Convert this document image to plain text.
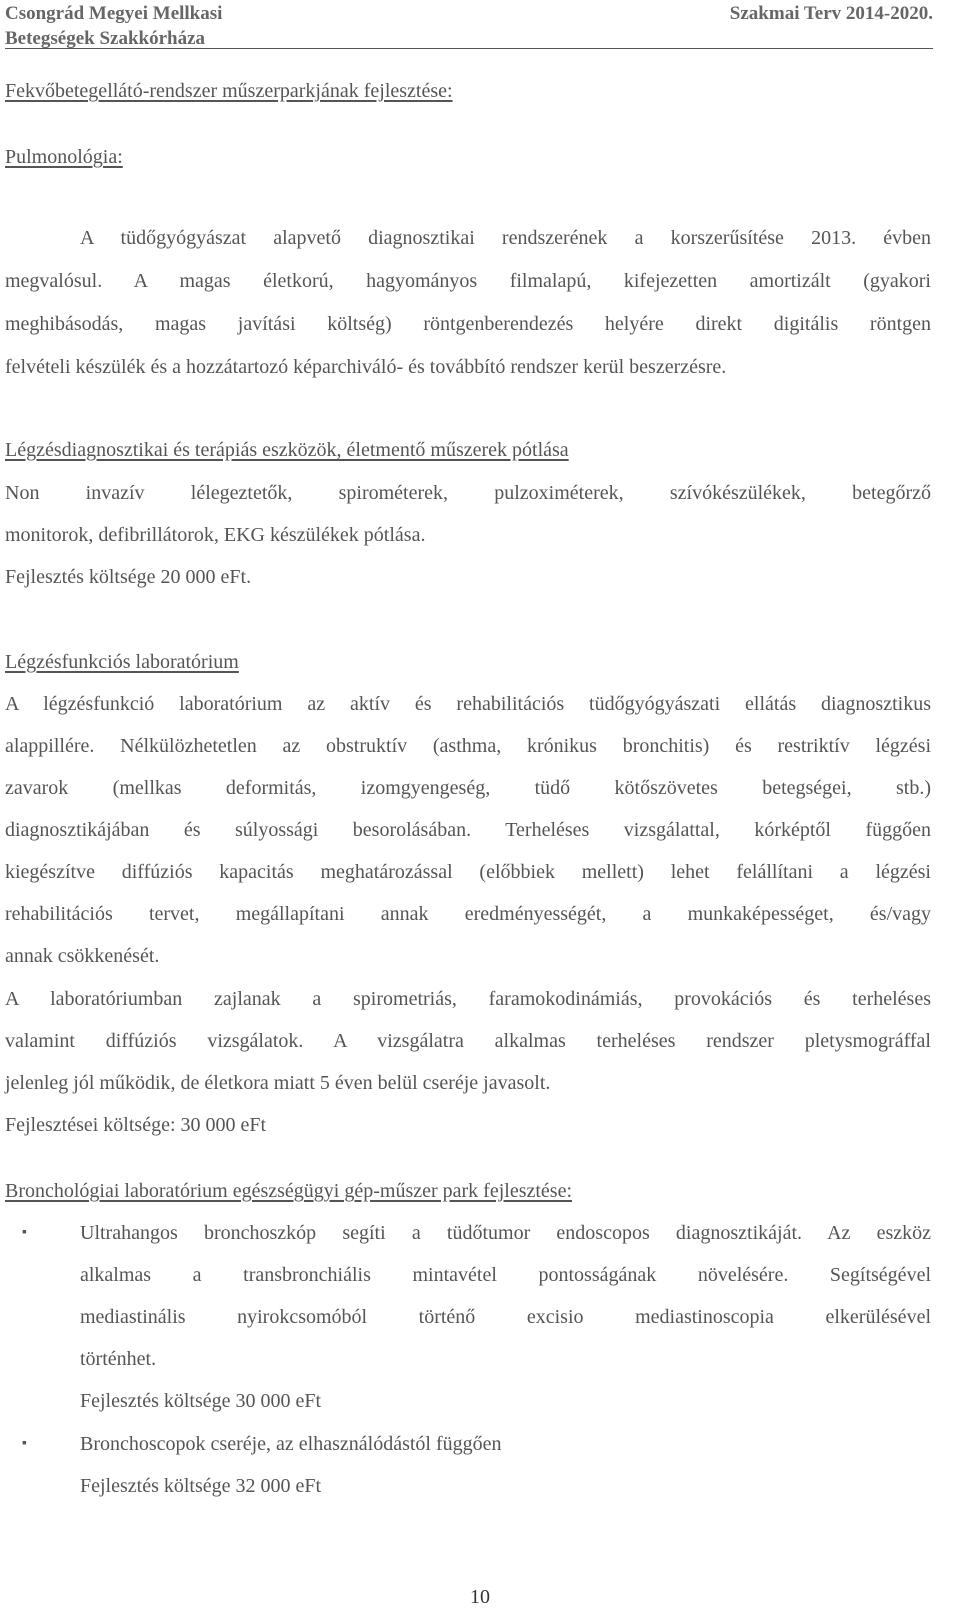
Csongrád Megyei Mellkasi
Betegségek Szakkórháza
Szakmai Terv 2014-2020.
Fekvőbetegellátó-rendszer műszerparkjának fejlesztése:
Pulmonológia:
A tüdőgyógyászat alapvető diagnosztikai rendszerének a korszerűsítése 2013. évben
megvalósul. A magas életkorú, hagyományos filmalapú, kifejezetten amortizált (gyakori
meghibásodás, magas javítási költség) röntgenberendezés helyére direkt digitális röntgen
felvételi készülék és a hozzátartozó képarchiváló- és továbbító rendszer kerül beszerzésre.
Légzésdiagnosztikai és terápiás eszközök, életmentő műszerek pótlása
Non invazív lélegeztetők, spirométerek, pulzoximéterek, szívókészülékek, betegőrző
monitorok, defibrillátorok, EKG készülékek pótlása.
Fejlesztés költsége 20 000 eFt.
Légzésfunkciós laboratórium
A légzésfunkció laboratórium az aktív és rehabilitációs tüdőgyógyászati ellátás diagnosztikus
alappillére. Nélkülözhetetlen az obstruktív (asthma, krónikus bronchitis) és restriktív légzési
zavarok (mellkas deformitás, izomgyengeség, tüdő kötőszövetes betegségei, stb.)
diagnosztikájában és súlyossági besorolásában. Terheléses vizsgálattal, kórképtől függően
kiegészítve diffúziós kapacitás meghatározással (előbbiek mellett) lehet felállítani a légzési
rehabilitációs tervet, megállapítani annak eredményességét, a munkaképességet, és/vagy
annak csökkenését.
A laboratóriumban zajlanak a spirometriás, faramokodinámiás, provokációs és terheléses
valamint diffúziós vizsgálatok. A vizsgálatra alkalmas terheléses rendszer pletysmográffal
jelenleg jól működik, de életkora miatt 5 éven belül cseréje javasolt.
Fejlesztései költsége: 30 000 eFt
Bronchológiai laboratórium egészségügyi gép-műszer park fejlesztése:
▪	Ultrahangos bronchoszkóp segíti a tüdőtumor endoscopos diagnosztikáját. Az eszköz
alkalmas a transbronchiális mintavétel pontosságának növelésére. Segítségével
mediastinális nyirokcsomóból történő excisio mediastinoscopia elkerülésével
történhet.
Fejlesztés költsége 30 000 eFt
▪	Bronchoscopok cseréje, az elhasználódástól függően
Fejlesztés költsége 32 000 eFt
10
